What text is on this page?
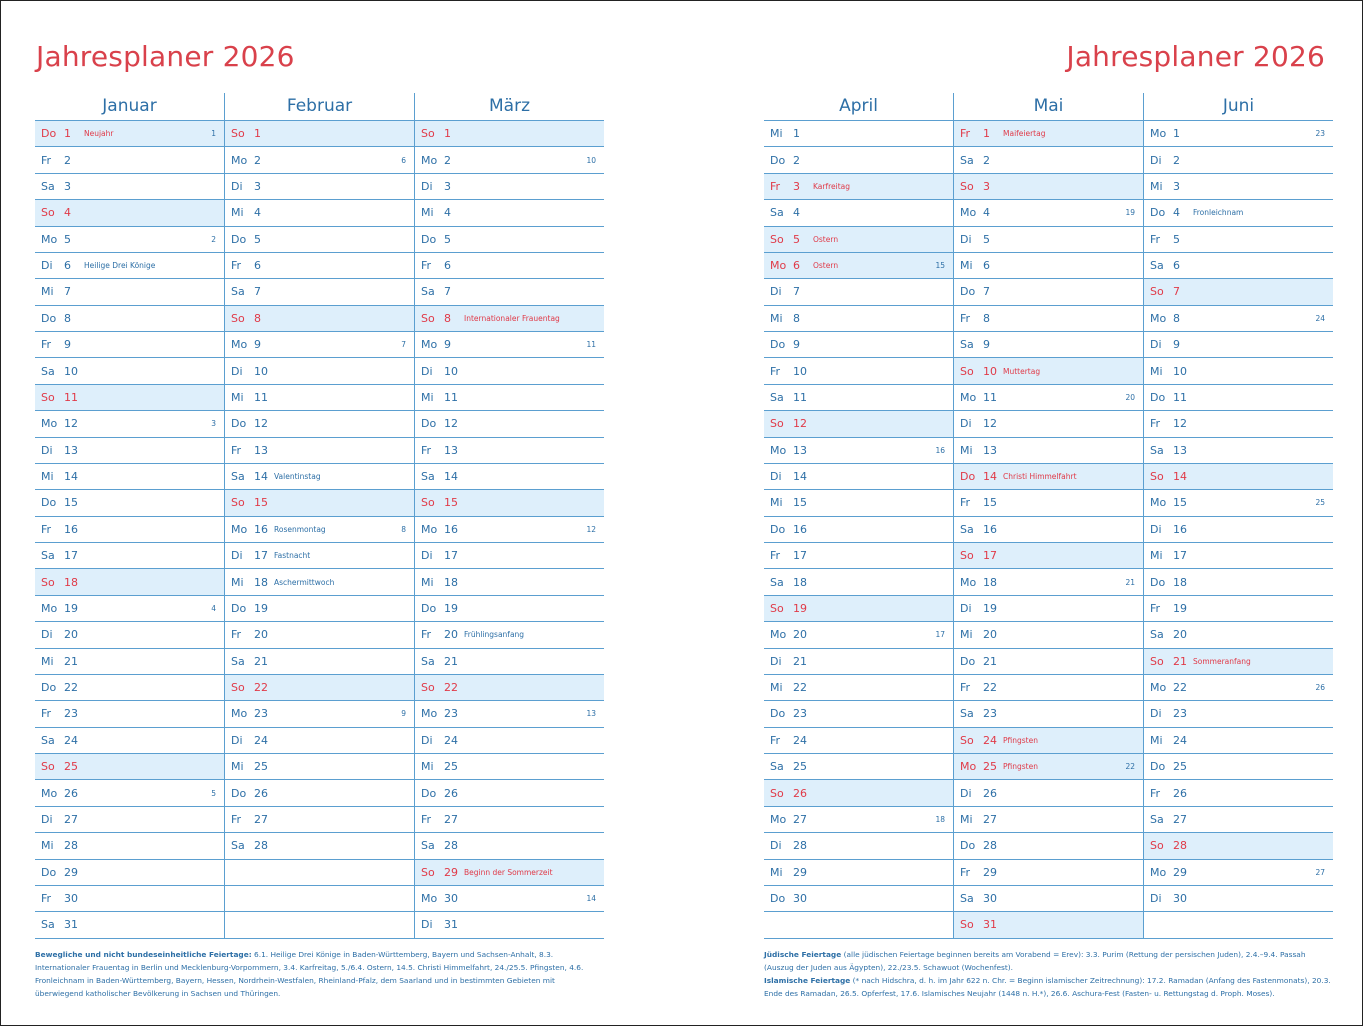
Jahresplaner 2026
Januar
Do 1	Neujahr	1
Fr	2
Sa 3
So 4
Mo 5	2
Di	6	Heilige Drei Könige
Mi 7
Do 8
Fr	9
Sa 10
So 11
Mo 12	3
Di	13
Mi 14
Do 15
Fr	16
Sa 17
So 18
Mo 19	4
Di	20
Mi 21
Do 22
Fr	23
Sa 24
So 25
Mo 26	5
Di	27
Mi 28
Do 29
Fr	30
Sa 31
Februar
So 1
Mo 2	6
Di	3
Mi 4
Do 5
Fr	6
Sa 7
So 8
Mo 9	7
Di	10
Mi 11
Do 12
Fr	13
Sa 14 Valentinstag
So 15
Mo 16 Rosenmontag	8
Di	17 Fastnacht
Mi 18 Aschermittwoch
Do 19
Fr	20
Sa 21
So 22
Mo 23	9
Di	24
Mi 25
Do 26
Fr	27
Sa 28
März
So 1
Mo 2	10
Di	3
Mi 4
Do 5
Fr	6
Sa 7
So 8	Internationaler Frauentag
Mo 9	11
Di	10
Mi 11
Do 12
Fr	13
Sa 14
So 15
Mo 16	12
Di	17
Mi 18
Do 19
Fr	20 Frühlingsanfang
Sa 21
So 22
Mo 23	13
Di	24
Mi 25
Do 26
Fr	27
Sa 28
So 29 Beginn der Sommerzeit
Mo 30	14
Di	31
Bewegliche und nicht bundeseinheitliche Feiertage: 6.1. Heilige Drei Könige in Baden-Württemberg, Bayern und Sachsen-Anhalt, 8.3. Internationaler Frauentag in Berlin und Mecklenburg-Vorpommern, 3.4. Karfreitag, 5./6.4. Ostern, 14.5. Christi Himmelfahrt, 24./25.5. Pfingsten, 4.6. Fronleichnam in Baden-Württemberg, Bayern, Hessen, Nordrhein-Westfalen, Rheinland-Pfalz, dem Saarland und in bestimmten Gebieten mit überwiegend katholischer Bevölkerung in Sachsen und Thüringen.
Jahresplaner 2026
April
Mi 1
Do 2
Fr	3	Karfreitag
Sa 4
So 5	Ostern
Mo 6	Ostern	15
Di	7
Mi 8
Do 9
Fr	10
Sa 11
So 12
Mo 13	16
Di	14
Mi 15
Do 16
Fr	17
Sa 18
So 19
Mo 20	17
Di	21
Mi 22
Do 23
Fr	24
Sa 25
So 26
Mo 27	18
Di	28
Mi 29
Do 30
Mai
Fr	1	Maifeiertag
Sa 2
So 3
Mo 4	19
Di	5
Mi 6
Do 7
Fr	8
Sa 9
So 10 Muttertag
Mo 11	20
Di	12
Mi 13
Do 14 Christi Himmelfahrt
Fr	15
Sa 16
So 17
Mo 18	21
Di	19
Mi 20
Do 21
Fr	22
Sa 23
So 24 Pfingsten
Mo 25 Pfingsten	22
Di	26
Mi 27
Do 28
Fr	29
Sa 30
So 31
Juni
Mo 1	23
Di	2
Mi 3
Do 4	Fronleichnam
Fr	5
Sa 6
So 7
Mo 8	24
Di	9
Mi 10
Do 11
Fr	12
Sa 13
So 14
Mo 15	25
Di	16
Mi 17
Do 18
Fr	19
Sa 20
So 21 Sommeranfang
Mo 22	26
Di	23
Mi 24
Do 25
Fr	26
Sa 27
So 28
Mo 29	27
Di	30
Jüdische Feiertage (alle jüdischen Feiertage beginnen bereits am Vorabend = Erev): 3.3. Purim (Rettung der persischen Juden), 2.4.–9.4. Passah (Auszug der Juden aus Ägypten), 22./23.5. Schawuot (Wochenfest).
Islamische Feiertage (* nach Hidschra, d. h. im Jahr 622 n. Chr. = Beginn islamischer Zeitrechnung): 17.2. Ramadan (Anfang des Fastenmonats), 20.3. Ende des Ramadan, 26.5. Opferfest, 17.6. Islamisches Neujahr (1448 n. H.*), 26.6. Aschura-Fest (Fasten- u. Rettungstag d. Proph. Moses).
